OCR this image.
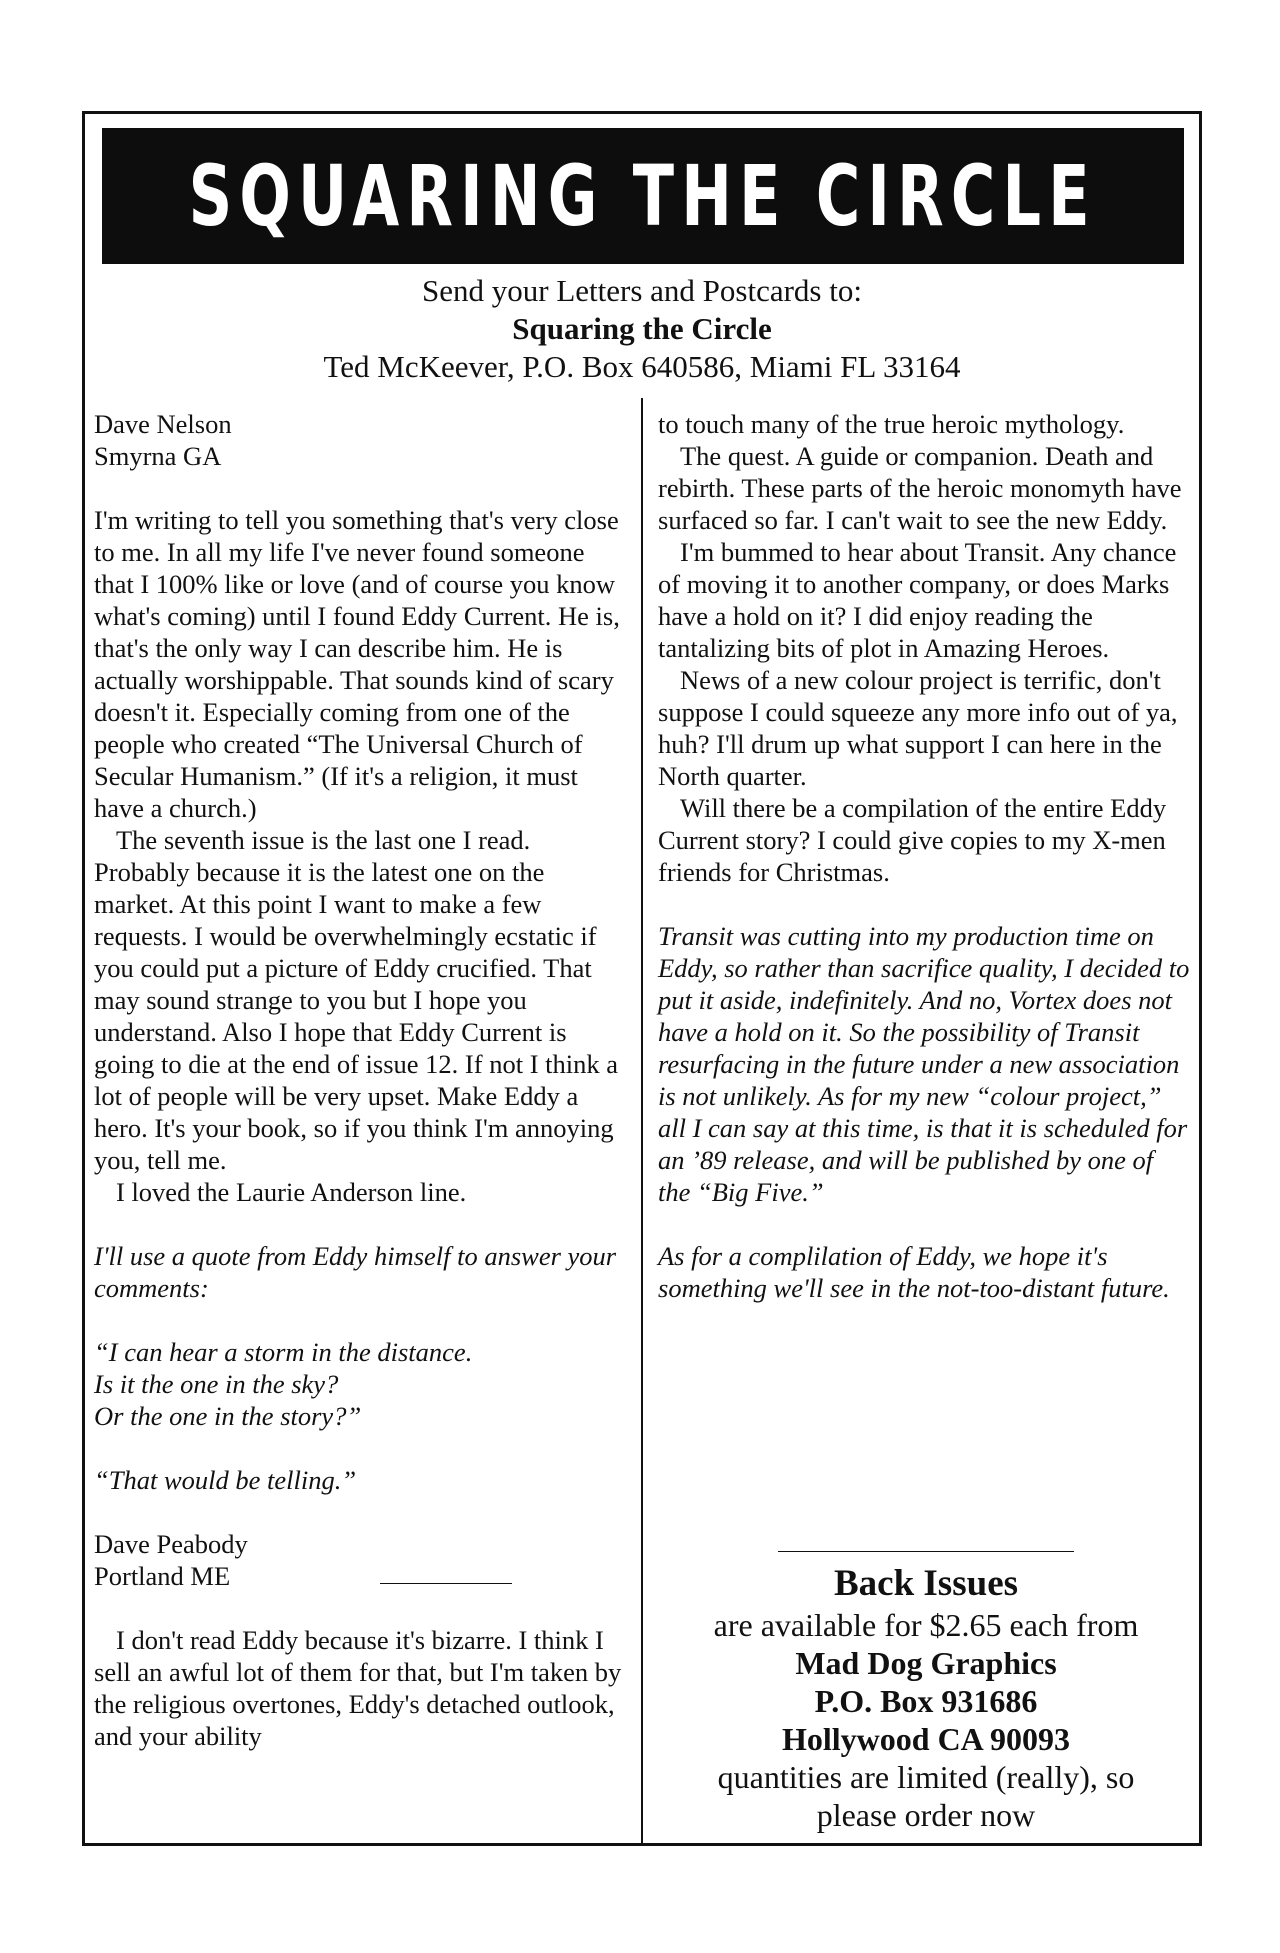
SQUARING THE CIRCLE
Send your Letters and Postcards to:
Squaring the Circle
Ted McKeever, P.O. Box 640586, Miami FL 33164

Dave Nelson

Smyrna GA

I'm writing to tell you something that's very close to me. In all my life I've never found someone that I 100% like or love (and of course you know what's coming) until I found Eddy Current. He is, that's the only way I can describe him. He is actually worshippable. That sounds kind of scary doesn't it. Especially coming from one of the people who created “The Universal Church of Secular Humanism.” (If it's a religion, it must have a church.)

The seventh issue is the last one I read. Probably because it is the latest one on the market. At this point I want to make a few requests. I would be overwhelmingly ecstatic if you could put a picture of Eddy crucified. That may sound strange to you but I hope you understand. Also I hope that Eddy Current is going to die at the end of issue 12. If not I think a lot of people will be very upset. Make Eddy a hero. It's your book, so if you think I'm annoying you, tell me.

I loved the Laurie Anderson line.

I'll use a quote from Eddy himself to answer your comments:

“I can hear a storm in the distance.

Is it the one in the sky?

Or the one in the story?”

“That would be telling.”

Dave Peabody

Portland ME

I don't read Eddy because it's bizarre. I think I sell an awful lot of them for that, but I'm taken by the religious overtones, Eddy's detached outlook, and your ability

to touch many of the true heroic mythology.

The quest. A guide or companion. Death and rebirth. These parts of the heroic monomyth have surfaced so far. I can't wait to see the new Eddy.

I'm bummed to hear about Transit. Any chance of moving it to another company, or does Marks have a hold on it? I did enjoy reading the tantalizing bits of plot in Amazing Heroes.

News of a new colour project is terrific, don't suppose I could squeeze any more info out of ya, huh? I'll drum up what support I can here in the North quarter.

Will there be a compilation of the entire Eddy Current story? I could give copies to my X-men friends for Christmas.

Transit was cutting into my production time on Eddy, so rather than sacrifice quality, I decided to put it aside, indefinitely. And no, Vortex does not have a hold on it. So the possibility of Transit resurfacing in the future under a new association is not unlikely. As for my new “colour project,” all I can say at this time, is that it is scheduled for an ’89 release, and will be published by one of the “Big Five.”

As for a complilation of Eddy, we hope it's something we'll see in the not-too-distant future.

Back Issues
are available for $2.65 each from
Mad Dog Graphics
P.O. Box 931686
Hollywood CA 90093
quantities are limited (really), so
please order now
